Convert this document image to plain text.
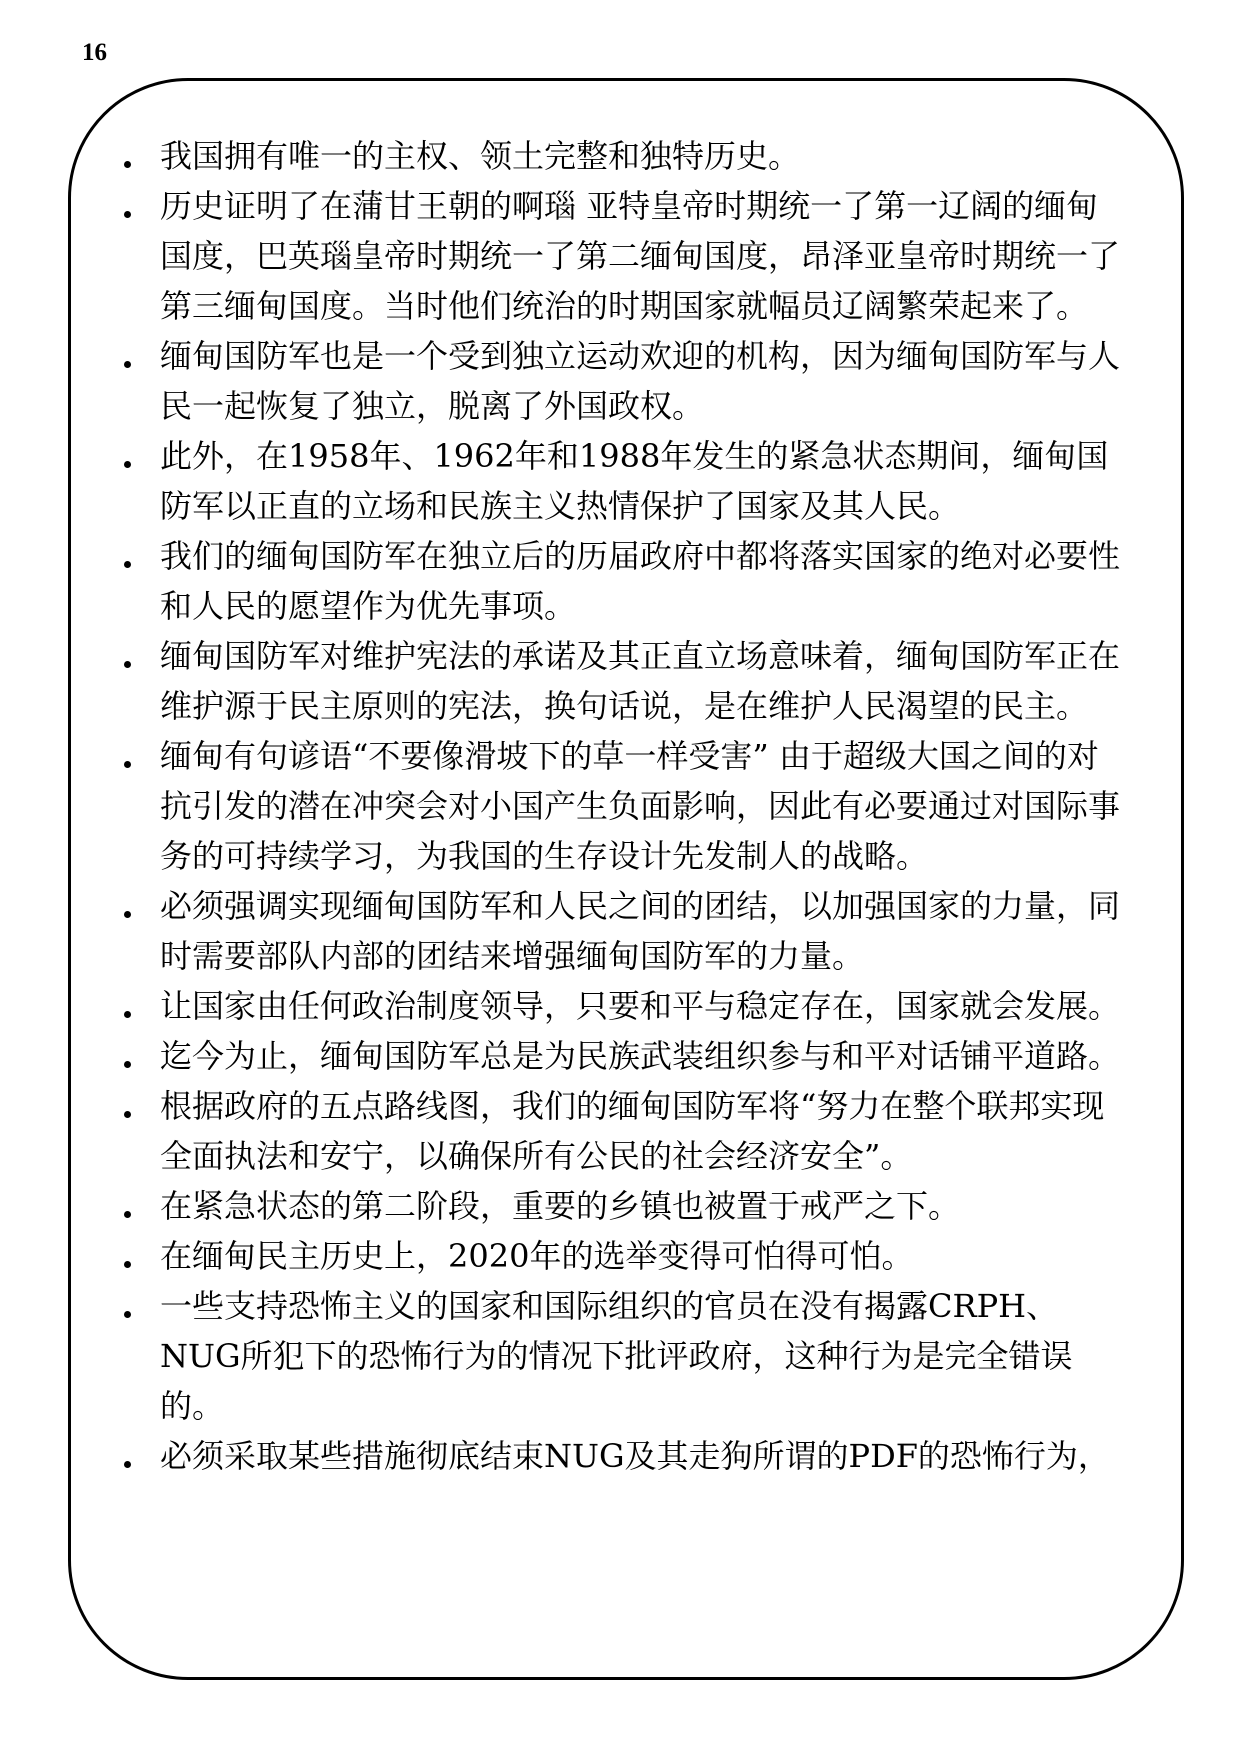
16
我国拥有唯一的主权、领土完整和独特历史。
历史证明了在蒲甘王朝的啊瑙 亚特皇帝时期统一了第一辽阔的缅甸国度，巴英瑙皇帝时期统一了第二缅甸国度，昂泽亚皇帝时期统一了第三缅甸国度。当时他们统治的时期国家就幅员辽阔繁荣起来了。
缅甸国防军也是一个受到独立运动欢迎的机构，因为缅甸国防军与人民一起恢复了独立，脱离了外国政权。
此外，在1958年、1962年和1988年发生的紧急状态期间，缅甸国防军以正直的立场和民族主义热情保护了国家及其人民。
我们的缅甸国防军在独立后的历届政府中都将落实国家的绝对必要性和人民的愿望作为优先事项。
缅甸国防军对维护宪法的承诺及其正直立场意味着，缅甸国防军正在维护源于民主原则的宪法，换句话说，是在维护人民渴望的民主。
缅甸有句谚语“不要像滑坡下的草一样受害” 由于超级大国之间的对抗引发的潜在冲突会对小国产生负面影响，因此有必要通过对国际事务的可持续学习，为我国的生存设计先发制人的战略。
必须强调实现缅甸国防军和人民之间的团结，以加强国家的力量，同时需要部队内部的团结来增强缅甸国防军的力量。
让国家由任何政治制度领导，只要和平与稳定存在，国家就会发展。
迄今为止，缅甸国防军总是为民族武装组织参与和平对话铺平道路。
根据政府的五点路线图，我们的缅甸国防军将“努力在整个联邦实现全面执法和安宁，以确保所有公民的社会经济安全”。
在紧急状态的第二阶段，重要的乡镇也被置于戒严之下。
在缅甸民主历史上，2020年的选举变得可怕得可怕。
一些支持恐怖主义的国家和国际组织的官员在没有揭露CRPH、NUG所犯下的恐怖行为的情况下批评政府，这种行为是完全错误的。
必须采取某些措施彻底结束NUG及其走狗所谓的PDF的恐怖行为，
